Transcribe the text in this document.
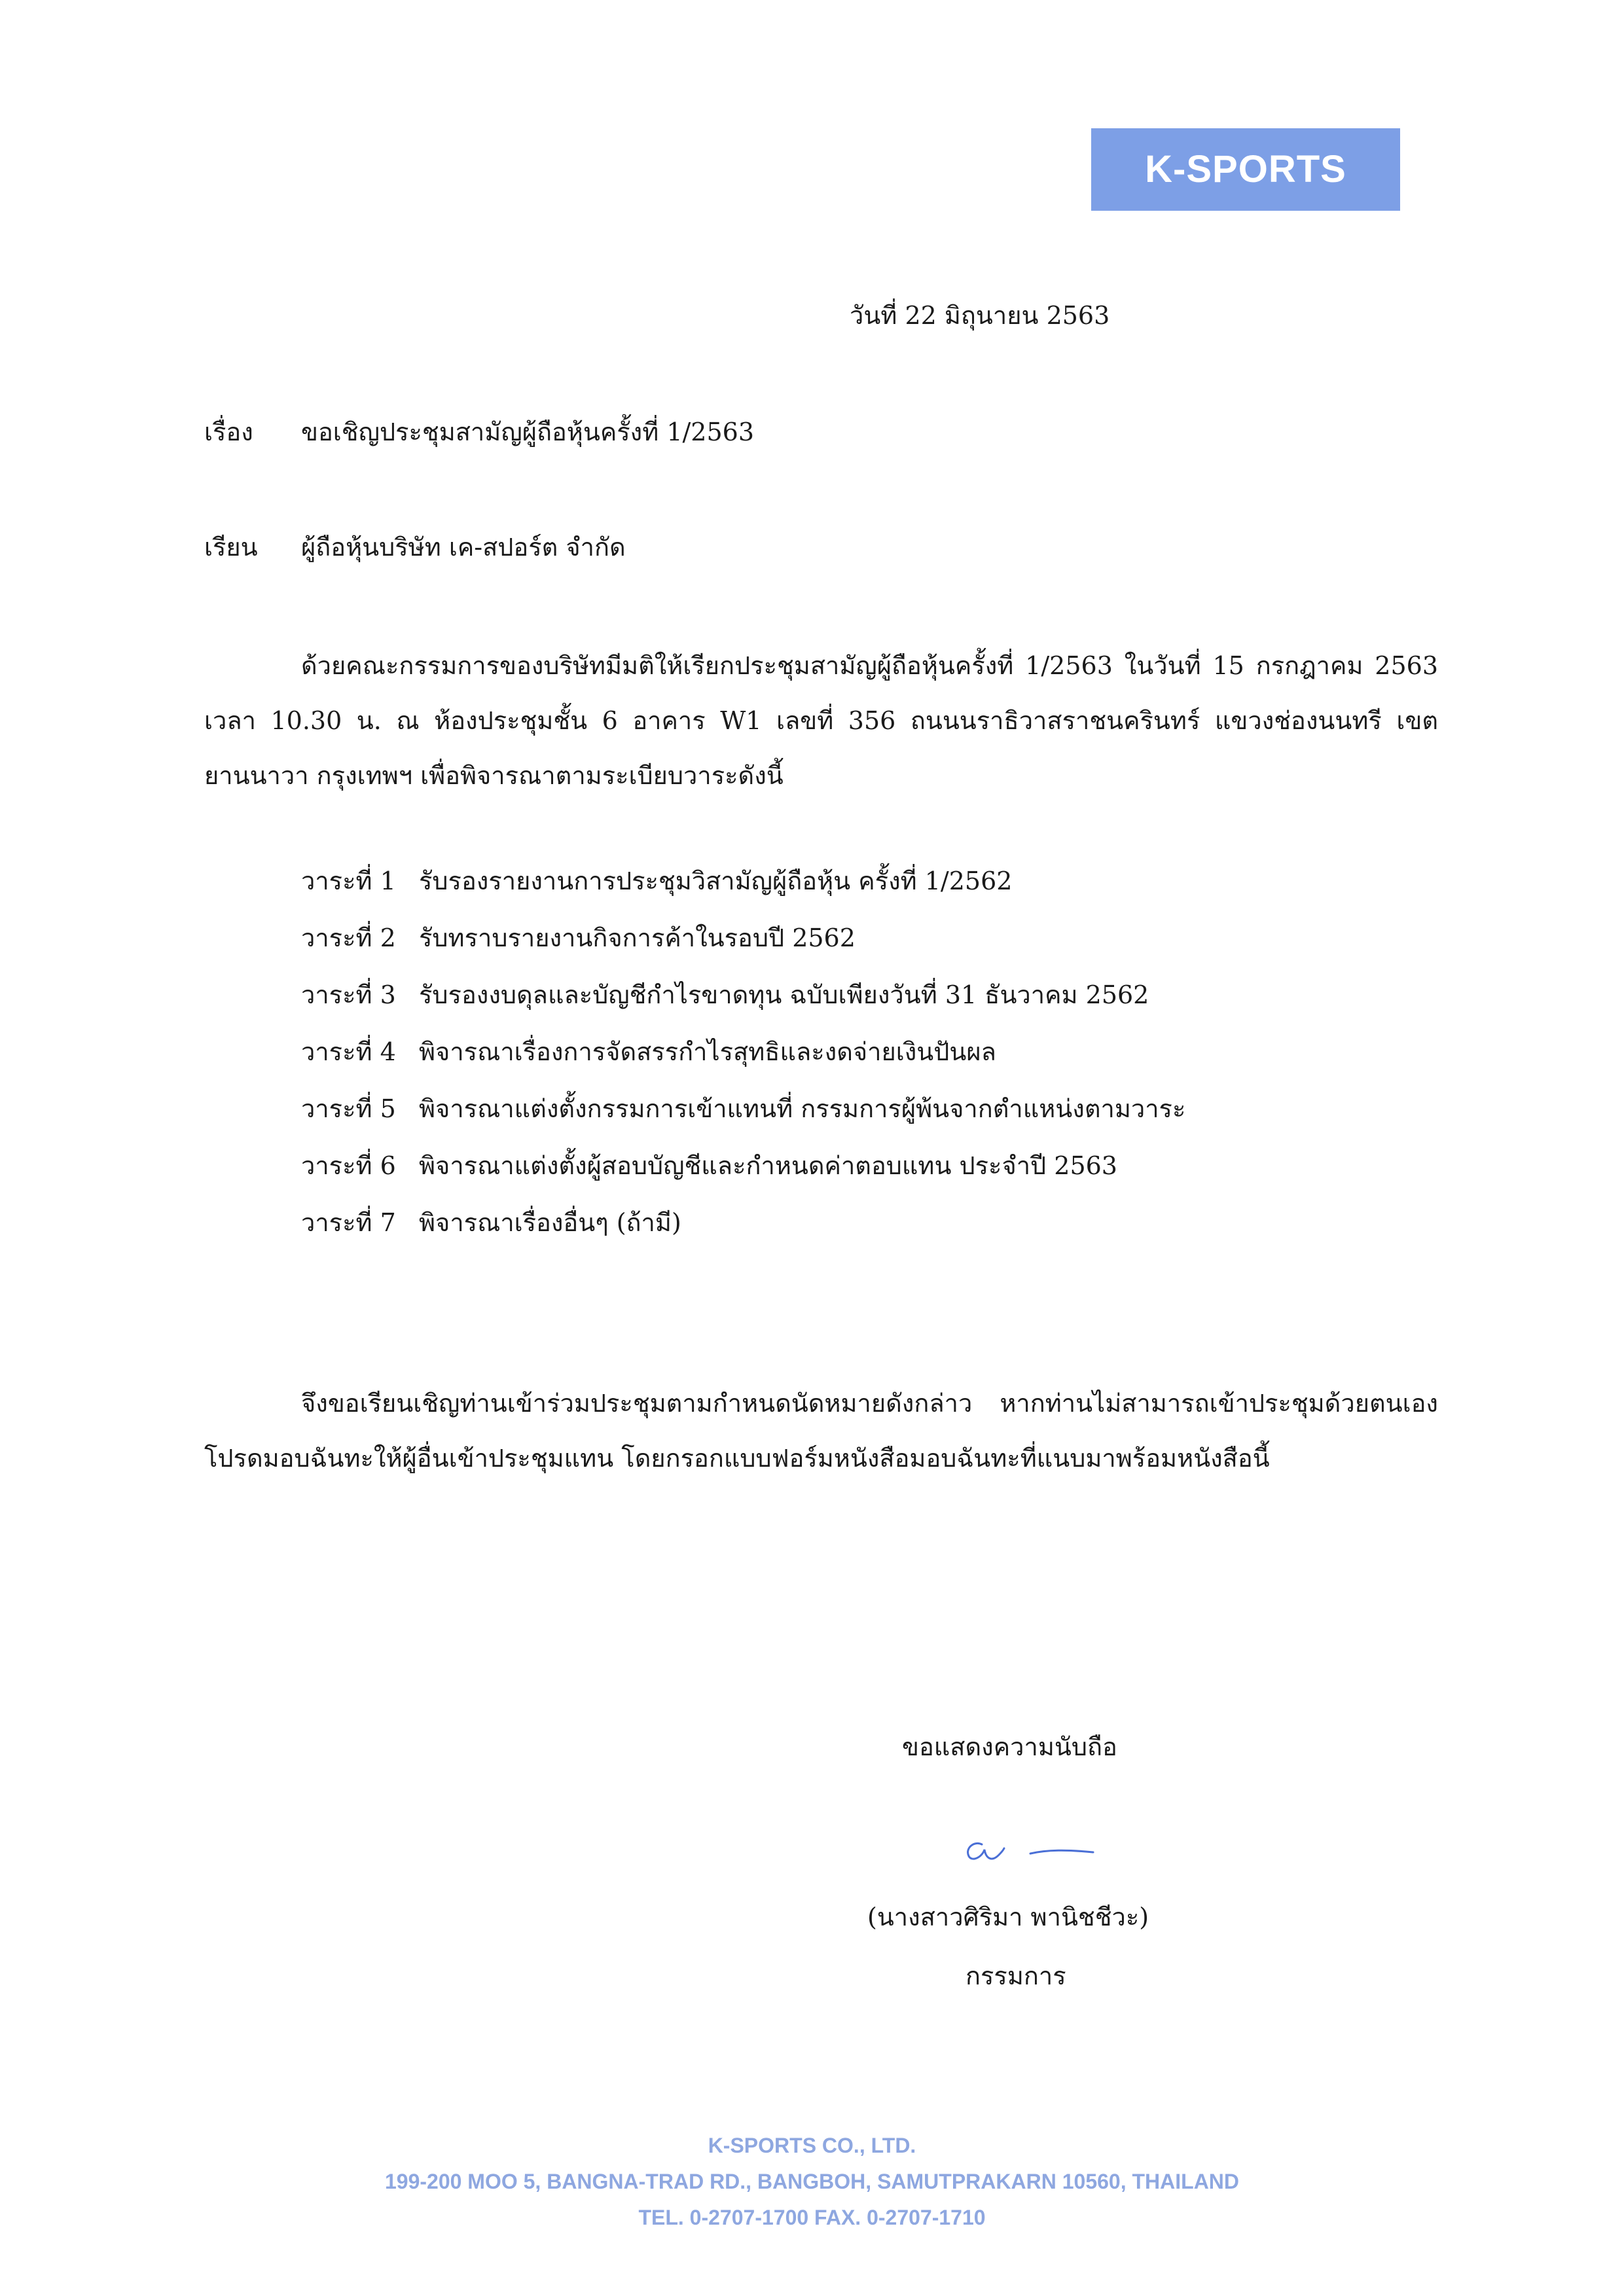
K-SPORTS
วันที่ 22 มิถุนายน 2563
เรื่อง ขอเชิญประชุมสามัญผู้ถือหุ้นครั้งที่ 1/2563
เรียน ผู้ถือหุ้นบริษัท เค-สปอร์ต จำกัด
ด้วยคณะกรรมการของบริษัทมีมติให้เรียกประชุมสามัญผู้ถือหุ้นครั้งที่ 1/2563 ในวันที่ 15 กรกฎาคม 2563 เวลา 10.30 น. ณ ห้องประชุมชั้น 6 อาคาร W1 เลขที่ 356 ถนนนราธิวาสราชนครินทร์ แขวงช่องนนทรี เขตยานนาวา กรุงเทพฯ เพื่อพิจารณาตามระเบียบวาระดังนี้
วาระที่ 1 รับรองรายงานการประชุมวิสามัญผู้ถือหุ้น ครั้งที่ 1/2562
วาระที่ 2 รับทราบรายงานกิจการค้าในรอบปี 2562
วาระที่ 3 รับรองงบดุลและบัญชีกำไรขาดทุน ฉบับเพียงวันที่ 31 ธันวาคม 2562
วาระที่ 4 พิจารณาเรื่องการจัดสรรกำไรสุทธิและงดจ่ายเงินปันผล
วาระที่ 5 พิจารณาแต่งตั้งกรรมการเข้าแทนที่ กรรมการผู้พ้นจากตำแหน่งตามวาระ
วาระที่ 6 พิจารณาแต่งตั้งผู้สอบบัญชีและกำหนดค่าตอบแทน ประจำปี 2563
วาระที่ 7 พิจารณาเรื่องอื่นๆ (ถ้ามี)
จึงขอเรียนเชิญท่านเข้าร่วมประชุมตามกำหนดนัดหมายดังกล่าว หากท่านไม่สามารถเข้าประชุมด้วยตนเอง โปรดมอบฉันทะให้ผู้อื่นเข้าประชุมแทน โดยกรอกแบบฟอร์มหนังสือมอบฉันทะที่แนบมาพร้อมหนังสือนี้
ขอแสดงความนับถือ
(นางสาวศิริมา พานิชชีวะ)
กรรมการ
K-SPORTS CO., LTD.
199-200 MOO 5, BANGNA-TRAD RD., BANGBOH, SAMUTPRAKARN 10560, THAILAND
TEL. 0-2707-1700 FAX. 0-2707-1710
